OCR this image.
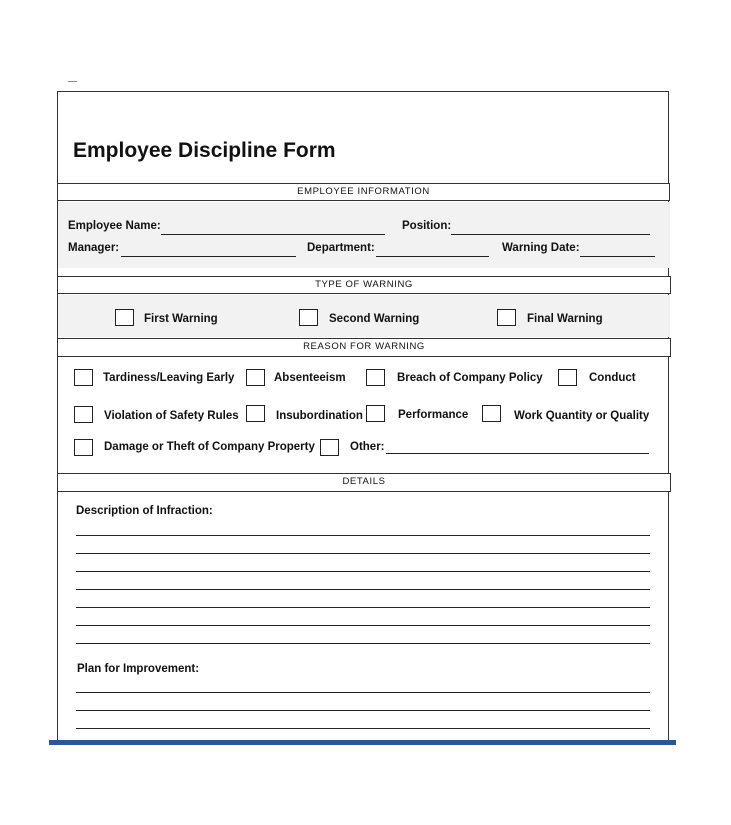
Employee Discipline Form
EMPLOYEE INFORMATION
Employee Name:	Position:
Manager:	Department:	Warning Date:
TYPE OF WARNING
First Warning	Second Warning	Final Warning
REASON FOR WARNING
Tardiness/Leaving Early	Absenteeism	Breach of Company Policy	Conduct
Violation of Safety Rules	Insubordination	Performance	Work Quantity or Quality
Damage or Theft of Company Property	Other:
DETAILS
Description of Infraction:
Plan for Improvement:
